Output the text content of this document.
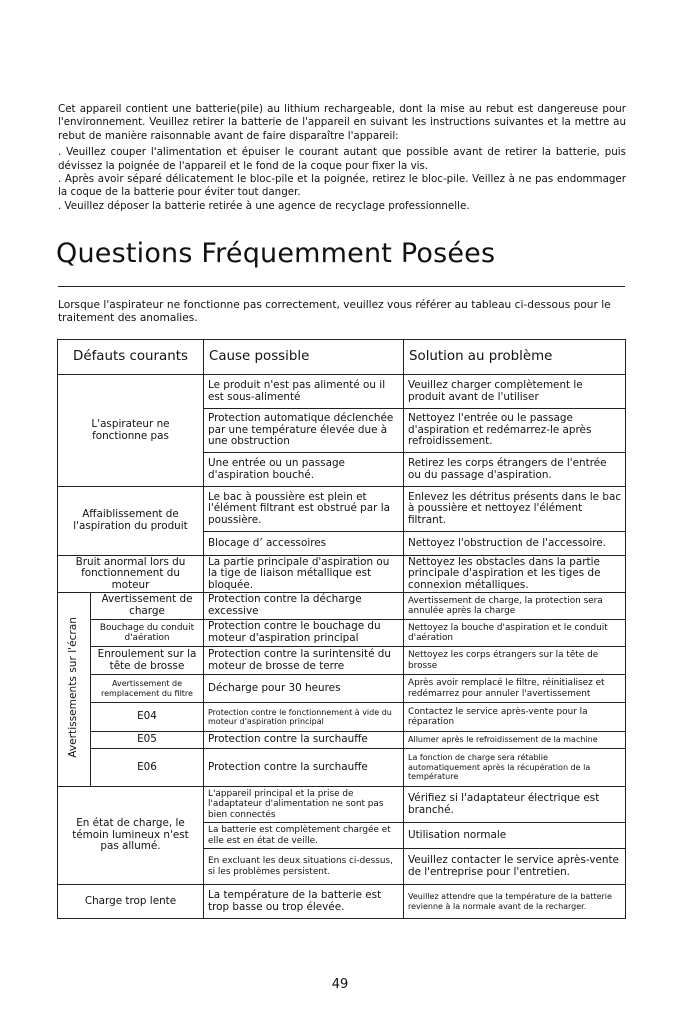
Cet appareil contient une batterie(pile) au lithium rechargeable, dont la mise au rebut est dangereuse pour l'environnement. Veuillez retirer la batterie de l'appareil en suivant les instructions suivantes et la mettre au rebut de manière raisonnable avant de faire disparaître l'appareil:

. Veuillez couper l'alimentation et épuiser le courant autant que possible avant de retirer la batterie, puis dévissez la poignée de l'appareil et le fond de la coque pour fixer la vis.

. Après avoir séparé délicatement le bloc-pile et la poignée, retirez le bloc-pile. Veillez à ne pas endommager la coque de la batterie pour éviter tout danger.

. Veuillez déposer la batterie retirée à une agence de recyclage professionnelle.

Questions Fréquemment Posées
Lorsque l'aspirateur ne fonctionne pas correctement, veuillez vous référer au tableau ci-dessous pour le traitement des anomalies.
Défauts courants		Cause possible	Solution au problème
L'aspirateur ne fonctionne pas		Le produit n'est pas alimenté ou il est sous-alimenté	Veuillez charger complètement le produit avant de l'utiliser
		Protection automatique déclenchée par une température élevée due à une obstruction	Nettoyez l'entrée ou le passage d'aspiration et redémarrez-le après refroidissement.
		Une entrée ou un passage d'aspiration bouché.	Retirez les corps étrangers de l'entrée ou du passage d'aspiration.
Affaiblissement de l'aspiration du produit		Le bac à poussière est plein et l'élément filtrant est obstrué par la poussière.	Enlevez les détritus présents dans le bac à poussière et nettoyez l'élément filtrant.
		Blocage d’ accessoires	Nettoyez l'obstruction de l'accessoire.
Bruit anormal lors du fonctionnement du moteur		La partie principale d'aspiration ou la tige de liaison métallique est bloquée.	Nettoyez les obstacles dans la partie principale d'aspiration et les tiges de connexion métalliques.
Avertissements sur l'écran	Avertissement de charge	Protection contre la décharge excessive	Avertissement de charge, la protection sera annulée après la charge
	Bouchage du conduit d'aération	Protection contre le bouchage du moteur d'aspiration principal	Nettoyez la bouche d'aspiration et le conduit d'aération
	Enroulement sur la tête de brosse	Protection contre la surintensité du moteur de brosse de terre	Nettoyez les corps étrangers sur la tête de brosse
	Avertissement de remplacement du filtre	Décharge pour 30 heures	Après avoir remplacé le filtre, réinitialisez et redémarrez pour annuler l'avertissement
	E04	Protection contre le fonctionnement à vide du moteur d'aspiration principal	Contactez le service après-vente pour la réparation
	E05	Protection contre la surchauffe	Allumer après le refroidissement de la machine
	E06	Protection contre la surchauffe	La fonction de charge sera rétablie automatiquement après la récupération de la température
En état de charge, le témoin lumineux n'est pas allumé.		L'appareil principal et la prise de l'adaptateur d'alimentation ne sont pas bien connectés	Vérifiez si l'adaptateur électrique est branché.
		La batterie est complètement chargée et elle est en état de veille.	Utilisation normale
		En excluant les deux situations ci-dessus, si les problèmes persistent.	Veuillez contacter le service après-vente de l'entreprise pour l'entretien.
Charge trop lente		La température de la batterie est trop basse ou trop élevée.	Veuillez attendre que la température de la batterie revienne à la normale avant de la recharger.
49
